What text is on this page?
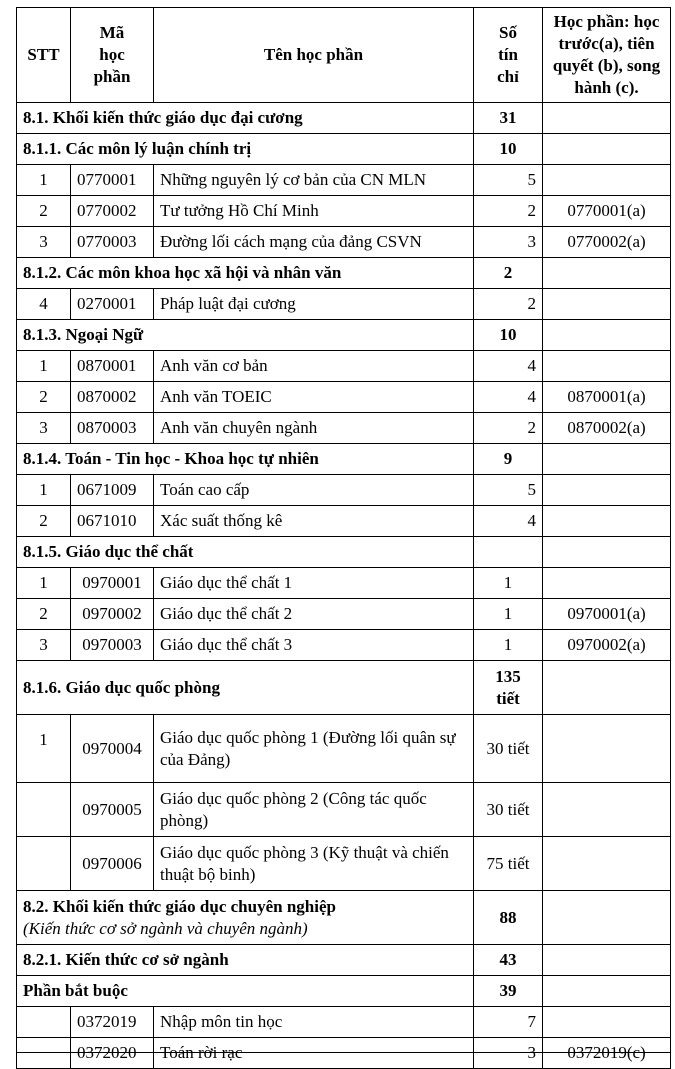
STT	Mã học phần	Tên học phần	Số tín chỉ	Học phần: học trước(a), tiên quyết (b), song hành (c).
8.1. Khối kiến thức giáo dục đại cương			31	
8.1.1. Các môn lý luận chính trị			10	
1	0770001	Những nguyên lý cơ bản của CN MLN	5	
2	0770002	Tư tưởng Hồ Chí Minh	2	0770001(a)
3	0770003	Đường lối cách mạng của đảng CSVN	3	0770002(a)
8.1.2. Các môn khoa học xã hội và nhân văn			2	
4	0270001	Pháp luật đại cương	2	
8.1.3. Ngoại Ngữ			10	
1	0870001	Anh văn cơ bản	4	
2	0870002	Anh văn TOEIC	4	0870001(a)
3	0870003	Anh văn chuyên ngành	2	0870002(a)
8.1.4. Toán - Tin học - Khoa học tự nhiên			9	
1	0671009	Toán cao cấp	5	
2	0671010	Xác suất thống kê	4	
8.1.5. Giáo dục thể chất				
1	0970001	Giáo dục thể chất 1	1	
2	0970002	Giáo dục thể chất 2	1	0970001(a)
3	0970003	Giáo dục thể chất 3	1	0970002(a)
8.1.6. Giáo dục quốc phòng			135 tiết	
1	0970004	Giáo dục quốc phòng 1 (Đường lối quân sự của Đảng)	30 tiết	
	0970005	Giáo dục quốc phòng 2 (Công tác quốc phòng)	30 tiết	
	0970006	Giáo dục quốc phòng 3 (Kỹ thuật và chiến thuật bộ binh)	75 tiết	

8.2. Khối kiến thức giáo dục chuyên nghiệp
(Kiến thức cơ sở ngành và chuyên ngành)			88	
8.2.1. Kiến thức cơ sở ngành			43	
Phần bắt buộc			39	
	0372019	Nhập môn tin học	7	
	0372020	Toán rời rạc	3	0372019(c)
